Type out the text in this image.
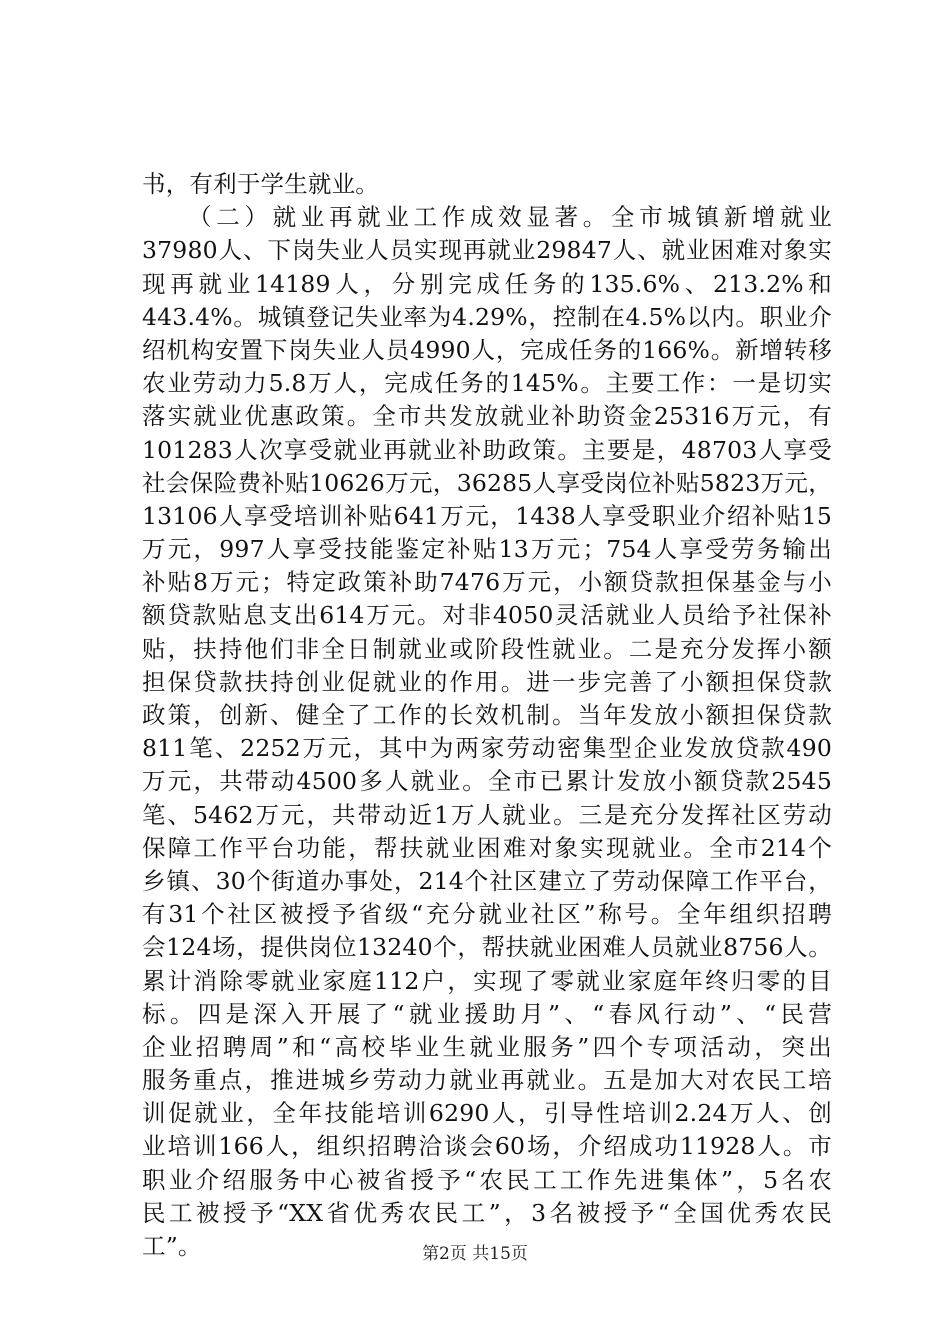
书，有利于学生就业。
（二）就业再就业工作成效显著。全市城镇新增就业
37980人、下岗失业人员实现再就业29847人、就业困难对象实
现再就业14189人，分别完成任务的135.6%、213.2%和
443.4%。城镇登记失业率为4.29%，控制在4.5%以内。职业介
绍机构安置下岗失业人员4990人，完成任务的166%。新增转移
农业劳动力5.8万人，完成任务的145%。主要工作：一是切实
落实就业优惠政策。全市共发放就业补助资金25316万元，有
101283人次享受就业再就业补助政策。主要是，48703人享受
社会保险费补贴10626万元，36285人享受岗位补贴5823万元，
13106人享受培训补贴641万元，1438人享受职业介绍补贴15
万元，997人享受技能鉴定补贴13万元；754人享受劳务输出
补贴8万元；特定政策补助7476万元，小额贷款担保基金与小
额贷款贴息支出614万元。对非4050灵活就业人员给予社保补
贴，扶持他们非全日制就业或阶段性就业。二是充分发挥小额
担保贷款扶持创业促就业的作用。进一步完善了小额担保贷款
政策，创新、健全了工作的长效机制。当年发放小额担保贷款
811笔、2252万元，其中为两家劳动密集型企业发放贷款490
万元，共带动4500多人就业。全市已累计发放小额贷款2545
笔、5462万元，共带动近1万人就业。三是充分发挥社区劳动
保障工作平台功能，帮扶就业困难对象实现就业。全市214个
乡镇、30个街道办事处，214个社区建立了劳动保障工作平台，
有31个社区被授予省级“充分就业社区”称号。全年组织招聘
会124场，提供岗位13240个，帮扶就业困难人员就业8756人。
累计消除零就业家庭112户，实现了零就业家庭年终归零的目
标。四是深入开展了“就业援助月”、“春风行动”、“民营
企业招聘周”和“高校毕业生就业服务”四个专项活动，突出
服务重点，推进城乡劳动力就业再就业。五是加大对农民工培
训促就业，全年技能培训6290人，引导性培训2.24万人、创
业培训166人，组织招聘洽谈会60场，介绍成功11928人。市
职业介绍服务中心被省授予“农民工工作先进集体”，5名农
民工被授予“XX省优秀农民工”，3名被授予“全国优秀农民
工”。	第2页 共15页
